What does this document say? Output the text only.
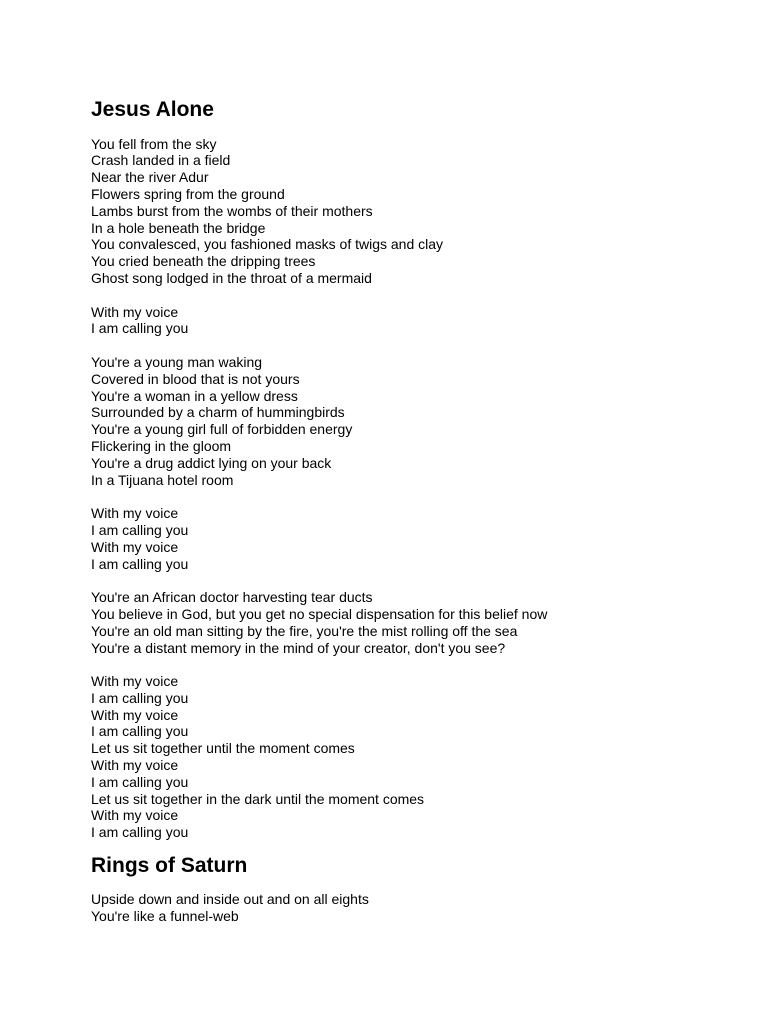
Jesus Alone

You fell from the sky
Crash landed in a field
Near the river Adur
Flowers spring from the ground
Lambs burst from the wombs of their mothers
In a hole beneath the bridge
You convalesced, you fashioned masks of twigs and clay
You cried beneath the dripping trees
Ghost song lodged in the throat of a mermaid

With my voice
I am calling you

You're a young man waking
Covered in blood that is not yours
You're a woman in a yellow dress
Surrounded by a charm of hummingbirds
You're a young girl full of forbidden energy
Flickering in the gloom
You're a drug addict lying on your back
In a Tijuana hotel room

With my voice
I am calling you
With my voice
I am calling you

You're an African doctor harvesting tear ducts
You believe in God, but you get no special dispensation for this belief now
You're an old man sitting by the fire, you're the mist rolling off the sea
You're a distant memory in the mind of your creator, don't you see?

With my voice
I am calling you
With my voice
I am calling you
Let us sit together until the moment comes
With my voice
I am calling you
Let us sit together in the dark until the moment comes
With my voice
I am calling you

Rings of Saturn

Upside down and inside out and on all eights
You're like a funnel-web
